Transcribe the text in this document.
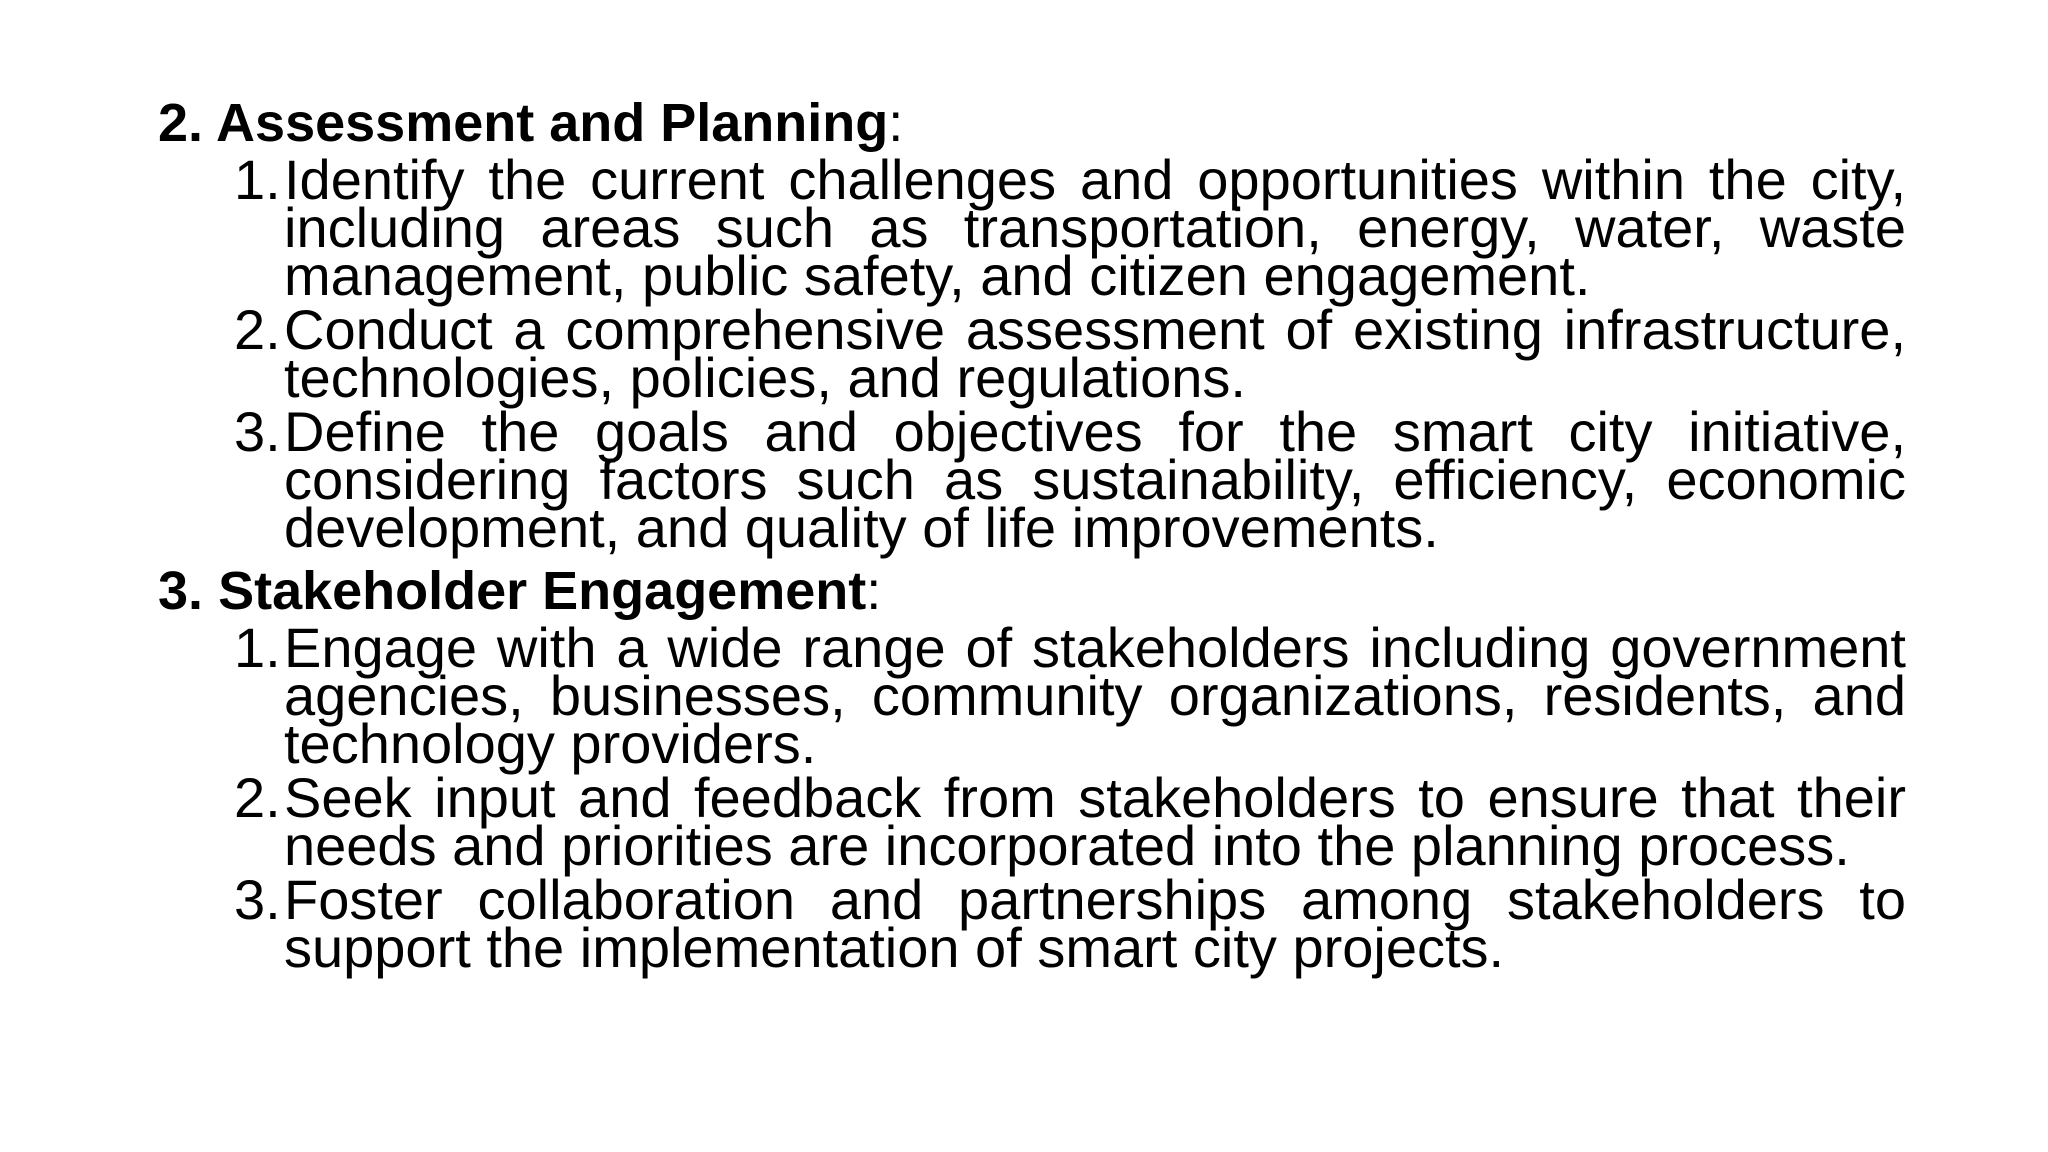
2. Assessment and Planning:
1. Identify the current challenges and opportunities within the city, including areas such as transportation, energy, water, waste management, public safety, and citizen engagement.
2. Conduct a comprehensive assessment of existing infrastructure, technologies, policies, and regulations.
3. Define the goals and objectives for the smart city initiative, considering factors such as sustainability, efficiency, economic development, and quality of life improvements.
3. Stakeholder Engagement:
1. Engage with a wide range of stakeholders including government agencies, businesses, community organizations, residents, and technology providers.
2. Seek input and feedback from stakeholders to ensure that their needs and priorities are incorporated into the planning process.
3. Foster collaboration and partnerships among stakeholders to support the implementation of smart city projects.
